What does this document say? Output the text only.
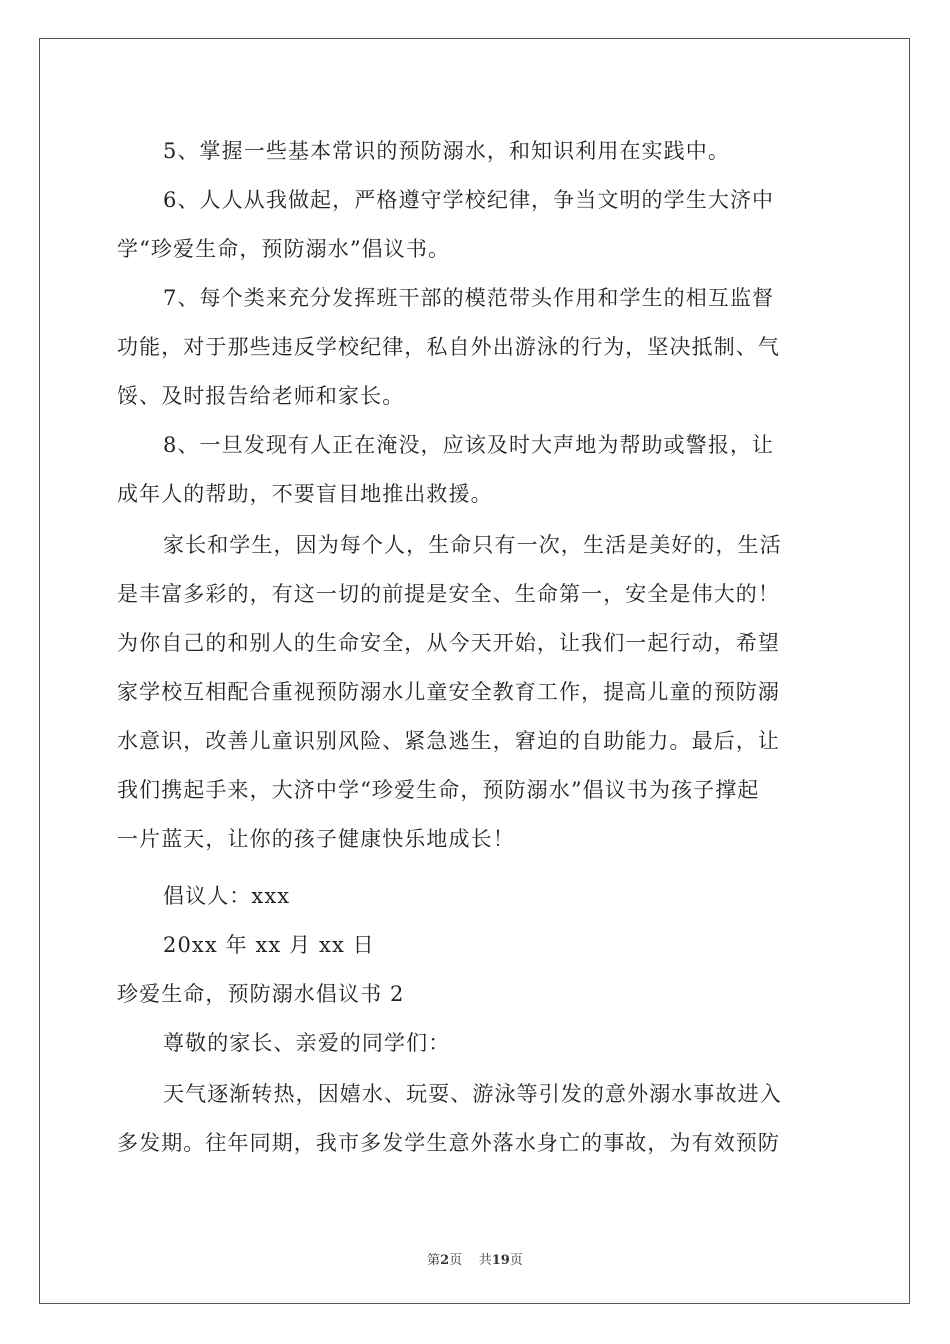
5、掌握一些基本常识的预防溺水，和知识利用在实践中。
6、人人从我做起，严格遵守学校纪律，争当文明的学生大济中
学“珍爱生命，预防溺水”倡议书。
7、每个类来充分发挥班干部的模范带头作用和学生的相互监督
功能，对于那些违反学校纪律，私自外出游泳的行为，坚决抵制、气
馁、及时报告给老师和家长。
8、一旦发现有人正在淹没，应该及时大声地为帮助或警报，让
成年人的帮助，不要盲目地推出救援。
家长和学生，因为每个人，生命只有一次，生活是美好的，生活
是丰富多彩的，有这一切的前提是安全、生命第一，安全是伟大的！
为你自己的和别人的生命安全，从今天开始，让我们一起行动，希望
家学校互相配合重视预防溺水儿童安全教育工作，提高儿童的预防溺
水意识，改善儿童识别风险、紧急逃生，窘迫的自助能力。最后，让
我们携起手来，大济中学“珍爱生命，预防溺水”倡议书为孩子撑起
一片蓝天，让你的孩子健康快乐地成长！
倡议人：xxx
20xx 年 xx 月 xx 日
珍爱生命，预防溺水倡议书 2
尊敬的家长、亲爱的同学们：
天气逐渐转热，因嬉水、玩耍、游泳等引发的意外溺水事故进入
多发期。往年同期，我市多发学生意外落水身亡的事故，为有效预防
第2页 共19页
